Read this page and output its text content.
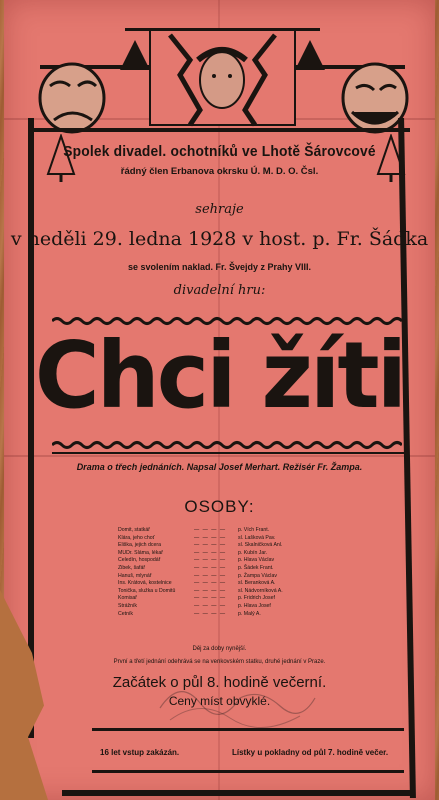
Spolek divadel. ochotníků ve Lhotě Šárovcové
řádný člen Erbanova okrsku Ú. M. D. O. Čsl.
sehraje
v neděli 29. ledna 1928 v host. p. Fr. Šádka
se svolením naklad. Fr. Švejdy z Prahy VIII.
divadelní hru:
Chci žíti
Drama o třech jednáních. Napsal Josef Merhart. Režisér Fr. Žampa.
OSOBY:
Domit, statkář	— — — —	p. Vích Frant.
Klára, jeho choť	— — — —	sl. Lašková Pav.
Eliška, jejich dcera	— — — —	sl. Skalničková Anl.
MUDr. Sláma, lékař	— — — —	p. Kubín Jar.
Čeledín, hospodář	— — — —	p. Hlava Václav
Žibek, šafář	— — — —	p. Šádek Frant.
Hanuš, mlynář	— — — —	p. Žampa Václav
Ins. Krátová, kostelnice	— — — —	sl. Beranková A.
Tonička, služka u Domitů	— — — —	sl. Nádvorníková A.
Komisař	— — — —	p. Fridrich Josef
Strážník	— — — —	p. Hlava Josef
Četník	— — — —	p. Malý A.
Děj za doby nynější.
První a třetí jednání odehrává se na venkovském statku, druhé jednání v Praze.
Začátek o půl 8. hodině večerní.
Ceny míst obvyklé.
16 let vstup zakázán.	Lístky u pokladny od půl 7. hodině večer.
